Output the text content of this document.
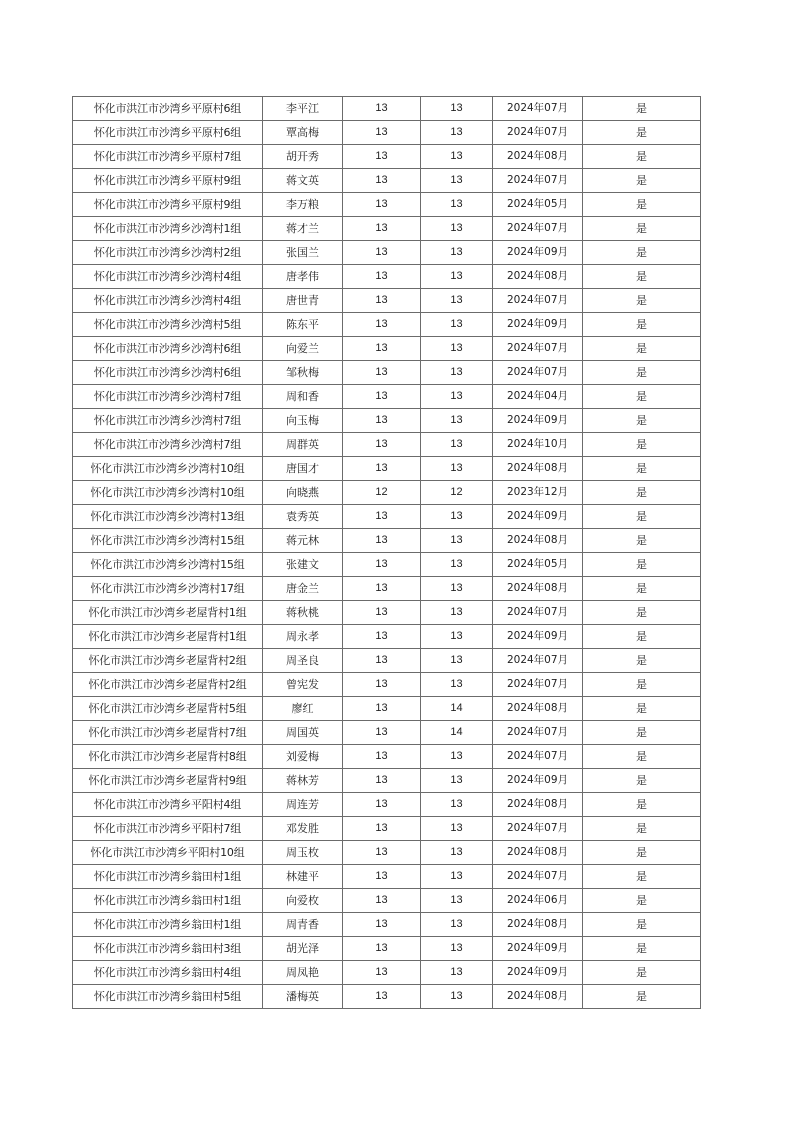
怀化市洪江市沙湾乡平原村6组	李平江	13	13	2024年07月	是
怀化市洪江市沙湾乡平原村6组	覃高梅	13	13	2024年07月	是
怀化市洪江市沙湾乡平原村7组	胡开秀	13	13	2024年08月	是
怀化市洪江市沙湾乡平原村9组	蒋文英	13	13	2024年07月	是
怀化市洪江市沙湾乡平原村9组	李万粮	13	13	2024年05月	是
怀化市洪江市沙湾乡沙湾村1组	蒋才兰	13	13	2024年07月	是
怀化市洪江市沙湾乡沙湾村2组	张国兰	13	13	2024年09月	是
怀化市洪江市沙湾乡沙湾村4组	唐孝伟	13	13	2024年08月	是
怀化市洪江市沙湾乡沙湾村4组	唐世青	13	13	2024年07月	是
怀化市洪江市沙湾乡沙湾村5组	陈东平	13	13	2024年09月	是
怀化市洪江市沙湾乡沙湾村6组	向爱兰	13	13	2024年07月	是
怀化市洪江市沙湾乡沙湾村6组	邹秋梅	13	13	2024年07月	是
怀化市洪江市沙湾乡沙湾村7组	周和香	13	13	2024年04月	是
怀化市洪江市沙湾乡沙湾村7组	向玉梅	13	13	2024年09月	是
怀化市洪江市沙湾乡沙湾村7组	周群英	13	13	2024年10月	是
怀化市洪江市沙湾乡沙湾村10组	唐国才	13	13	2024年08月	是
怀化市洪江市沙湾乡沙湾村10组	向晓燕	12	12	2023年12月	是
怀化市洪江市沙湾乡沙湾村13组	袁秀英	13	13	2024年09月	是
怀化市洪江市沙湾乡沙湾村15组	蒋元林	13	13	2024年08月	是
怀化市洪江市沙湾乡沙湾村15组	张建文	13	13	2024年05月	是
怀化市洪江市沙湾乡沙湾村17组	唐金兰	13	13	2024年08月	是
怀化市洪江市沙湾乡老屋背村1组	蒋秋桃	13	13	2024年07月	是
怀化市洪江市沙湾乡老屋背村1组	周永孝	13	13	2024年09月	是
怀化市洪江市沙湾乡老屋背村2组	周圣良	13	13	2024年07月	是
怀化市洪江市沙湾乡老屋背村2组	曾宪发	13	13	2024年07月	是
怀化市洪江市沙湾乡老屋背村5组	廖红	13	14	2024年08月	是
怀化市洪江市沙湾乡老屋背村7组	周国英	13	14	2024年07月	是
怀化市洪江市沙湾乡老屋背村8组	刘爱梅	13	13	2024年07月	是
怀化市洪江市沙湾乡老屋背村9组	蒋林芳	13	13	2024年09月	是
怀化市洪江市沙湾乡平阳村4组	周连芳	13	13	2024年08月	是
怀化市洪江市沙湾乡平阳村7组	邓发胜	13	13	2024年07月	是
怀化市洪江市沙湾乡平阳村10组	周玉枚	13	13	2024年08月	是
怀化市洪江市沙湾乡翁田村1组	林建平	13	13	2024年07月	是
怀化市洪江市沙湾乡翁田村1组	向爱枚	13	13	2024年06月	是
怀化市洪江市沙湾乡翁田村1组	周青香	13	13	2024年08月	是
怀化市洪江市沙湾乡翁田村3组	胡光泽	13	13	2024年09月	是
怀化市洪江市沙湾乡翁田村4组	周凤艳	13	13	2024年09月	是
怀化市洪江市沙湾乡翁田村5组	潘梅英	13	13	2024年08月	是
